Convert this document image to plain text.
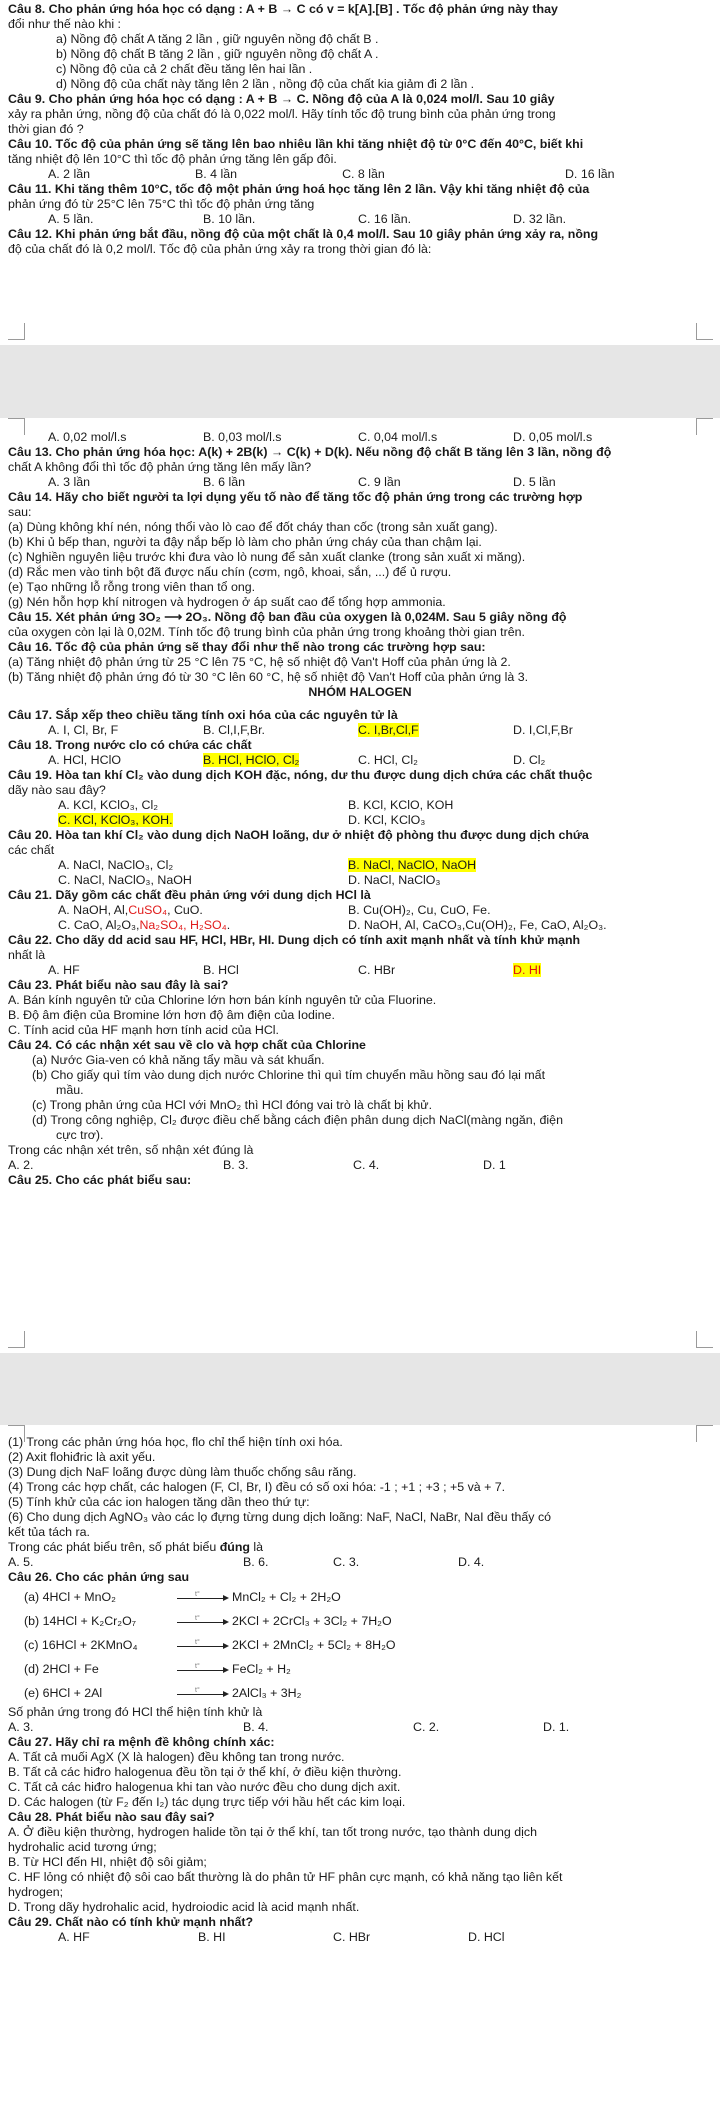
Câu 8. Cho phản ứng hóa học có dạng : A + B → C có v = k[A].[B] . Tốc độ phản ứng này thay
đổi như thế nào khi :
a) Nồng độ chất A tăng 2 lần , giữ nguyên nồng độ chất B .
b) Nồng độ chất B tăng 2 lần , giữ nguyên nồng độ chất A .
c) Nồng độ của cả 2 chất đều tăng lên hai lần .
d) Nồng độ của chất này tăng lên 2 lần , nồng độ của chất kia giảm đi 2 lần .
Câu 9. Cho phản ứng hóa học có dạng : A + B → C. Nồng độ của A là 0,024 mol/l. Sau 10 giây
xảy ra phản ứng, nồng độ của chất đó là 0,022 mol/l. Hãy tính tốc độ trung bình của phản ứng trong
thời gian đó ?
Câu 10. Tốc độ của phản ứng sẽ tăng lên bao nhiêu lần khi tăng nhiệt độ từ 0°C đến 40°C, biết khi
tăng nhiệt độ lên 10°C thì tốc độ phản ứng tăng lên gấp đôi.
A. 2 lần	B. 4 lần	C. 8 lần	D. 16 lần
Câu 11. Khi tăng thêm 10°C, tốc độ một phản ứng hoá học tăng lên 2 lần. Vậy khi tăng nhiệt độ của
phản ứng đó từ 25°C lên 75°C thì tốc độ phản ứng tăng
A. 5 lần.	B. 10 lần.	C. 16 lần.	D. 32 lần.
Câu 12. Khi phản ứng bắt đầu, nồng độ của một chất là 0,4 mol/l. Sau 10 giây phản ứng xảy ra, nồng
độ của chất đó là 0,2 mol/l. Tốc độ của phản ứng xảy ra trong thời gian đó là:
A. 0,02 mol/l.s	B. 0,03 mol/l.s	C. 0,04 mol/l.s	D. 0,05 mol/l.s
Câu 13. Cho phản ứng hóa học: A(k) + 2B(k) → C(k) + D(k). Nếu nồng độ chất B tăng lên 3 lần, nồng độ
chất A không đổi thì tốc độ phản ứng tăng lên mấy lần?
A. 3 lần	B. 6 lần	C. 9 lần	D. 5 lần
Câu 14. Hãy cho biết người ta lợi dụng yếu tố nào để tăng tốc độ phản ứng trong các trường hợp
sau:
(a) Dùng không khí nén, nóng thổi vào lò cao để đốt cháy than cốc (trong sản xuất gang).
(b) Khi ủ bếp than, người ta đậy nắp bếp lò làm cho phản ứng cháy của than chậm lại.
(c) Nghiền nguyên liệu trước khi đưa vào lò nung để sản xuất clanke (trong sản xuất xi măng).
(d) Rắc men vào tinh bột đã được nấu chín (cơm, ngô, khoai, sắn, ...) để ủ rượu.
(e) Tạo những lỗ rỗng trong viên than tổ ong.
(g) Nén hỗn hợp khí nitrogen và hydrogen ở áp suất cao để tổng hợp ammonia.
Câu 15. Xét phản ứng 3O₂ ⟶ 2O₃. Nồng độ ban đầu của oxygen là 0,024M. Sau 5 giây nồng độ
của oxygen còn lại là 0,02M. Tính tốc độ trung bình của phản ứng trong khoảng thời gian trên.
Câu 16. Tốc độ của phản ứng sẽ thay đổi như thế nào trong các trường hợp sau:
(a) Tăng nhiệt độ phản ứng từ 25 °C lên 75 °C, hệ số nhiệt độ Van't Hoff của phản ứng là 2.
(b) Tăng nhiệt độ phản ứng đó từ 30 °C lên 60 °C, hệ số nhiệt độ Van't Hoff của phản ứng là 3.
NHÓM HALOGEN
Câu 17. Sắp xếp theo chiều tăng tính oxi hóa của các nguyên tử là
A. I, Cl, Br, F	B. Cl,I,F,Br.	C. I,Br,Cl,F	D. I,Cl,F,Br
Câu 18. Trong nước clo có chứa các chất
A. HCl, HClO	B. HCl, HClO, Cl₂	C. HCl, Cl₂	D. Cl₂
Câu 19. Hòa tan khí Cl₂ vào dung dịch KOH đặc, nóng, dư thu được dung dịch chứa các chất thuộc
dãy nào sau đây?
A. KCl, KClO₃, Cl₂	B. KCl, KClO, KOH
C. KCl, KClO₃, KOH.	D. KCl, KClO₃
Câu 20. Hòa tan khí Cl₂ vào dung dịch NaOH loãng, dư ở nhiệt độ phòng thu được dung dịch chứa
các chất
A. NaCl, NaClO₃, Cl₂	B. NaCl, NaClO, NaOH
C. NaCl, NaClO₃, NaOH	D. NaCl, NaClO₃
Câu 21. Dãy gồm các chất đều phản ứng với dung dịch HCl là
A. NaOH, Al,CuSO₄, CuO.	B. Cu(OH)₂, Cu, CuO, Fe.
C. CaO, Al₂O₃,Na₂SO₄, H₂SO₄.	D. NaOH, Al, CaCO₃,Cu(OH)₂, Fe, CaO, Al₂O₃.
Câu 22. Cho dãy dd acid sau HF, HCl, HBr, HI. Dung dịch có tính axit mạnh nhất và tính khử mạnh
nhất là
A. HF	B. HCl	C. HBr	D. HI
Câu 23. Phát biểu nào sau đây là sai?
A. Bán kính nguyên tử của Chlorine lớn hơn bán kính nguyên tử của Fluorine.
B. Độ âm điện của Bromine lớn hơn độ âm điện của Iodine.
C. Tính acid của HF mạnh hơn tính acid của HCl.
Câu 24. Có các nhận xét sau về clo và hợp chất của Chlorine
(a) Nước Gia-ven có khả năng tẩy mầu và sát khuẩn.
(b) Cho giấy quì tím vào dung dịch nước Chlorine thì quì tím chuyển mầu hồng sau đó lại mất
mầu.
(c) Trong phản ứng của HCl với MnO₂ thì HCl đóng vai trò là chất bị khử.
(d) Trong công nghiệp, Cl₂ được điều chế bằng cách điện phân dung dịch NaCl(màng ngăn, điện
cực trơ).
Trong các nhận xét trên, số nhận xét đúng là
A. 2.	B. 3.	C. 4.	D. 1
Câu 25. Cho các phát biểu sau:
(1) Trong các phản ứng hóa học, flo chỉ thể hiện tính oxi hóa.
(2) Axit flohiđric là axit yếu.
(3) Dung dịch NaF loãng được dùng làm thuốc chống sâu răng.
(4) Trong các hợp chất, các halogen (F, Cl, Br, I) đều có số oxi hóa: -1 ; +1 ; +3 ; +5 và + 7.
(5) Tính khử của các ion halogen tăng dần theo thứ tự:
(6) Cho dung dịch AgNO₃ vào các lọ đựng từng dung dịch loãng: NaF, NaCl, NaBr, NaI đều thấy có
kết tủa tách ra.
Trong các phát biểu trên, số phát biểu đúng là
A. 5.	B. 6.	C. 3.	D. 4.
Câu 26. Cho các phản ứng sau
(a) 4HCl + MnO₂	t°	MnCl₂ + Cl₂ + 2H₂O
(b) 14HCl + K₂Cr₂O₇	t°	2KCl + 2CrCl₃ + 3Cl₂ + 7H₂O
(c) 16HCl + 2KMnO₄	t°	2KCl + 2MnCl₂ + 5Cl₂ + 8H₂O
(d) 2HCl + Fe	t°	FeCl₂ + H₂
(e) 6HCl + 2Al	t°	2AlCl₃ + 3H₂
Số phản ứng trong đó HCl thể hiện tính khử là
A. 3.	B. 4.	C. 2.	D. 1.
Câu 27. Hãy chỉ ra mệnh đề không chính xác:
A. Tất cả muối AgX (X là halogen) đều không tan trong nước.
B. Tất cả các hiđro halogenua đều tồn tại ở thể khí, ở điều kiện thường.
C. Tất cả các hiđro halogenua khi tan vào nước đều cho dung dịch axit.
D. Các halogen (từ F₂ đến I₂) tác dụng trực tiếp với hầu hết các kim loại.
Câu 28. Phát biểu nào sau đây sai?
A. Ở điều kiện thường, hydrogen halide tồn tại ở thể khí, tan tốt trong nước, tạo thành dung dịch
hydrohalic acid tương ứng;
B. Từ HCl đến HI, nhiệt độ sôi giảm;
C. HF lỏng có nhiệt độ sôi cao bất thường là do phân tử HF phân cực mạnh, có khả năng tạo liên kết
hydrogen;
D. Trong dãy hydrohalic acid, hydroiodic acid là acid mạnh nhất.
Câu 29. Chất nào có tính khử mạnh nhất?
A. HF	B. HI	C. HBr	D. HCl
